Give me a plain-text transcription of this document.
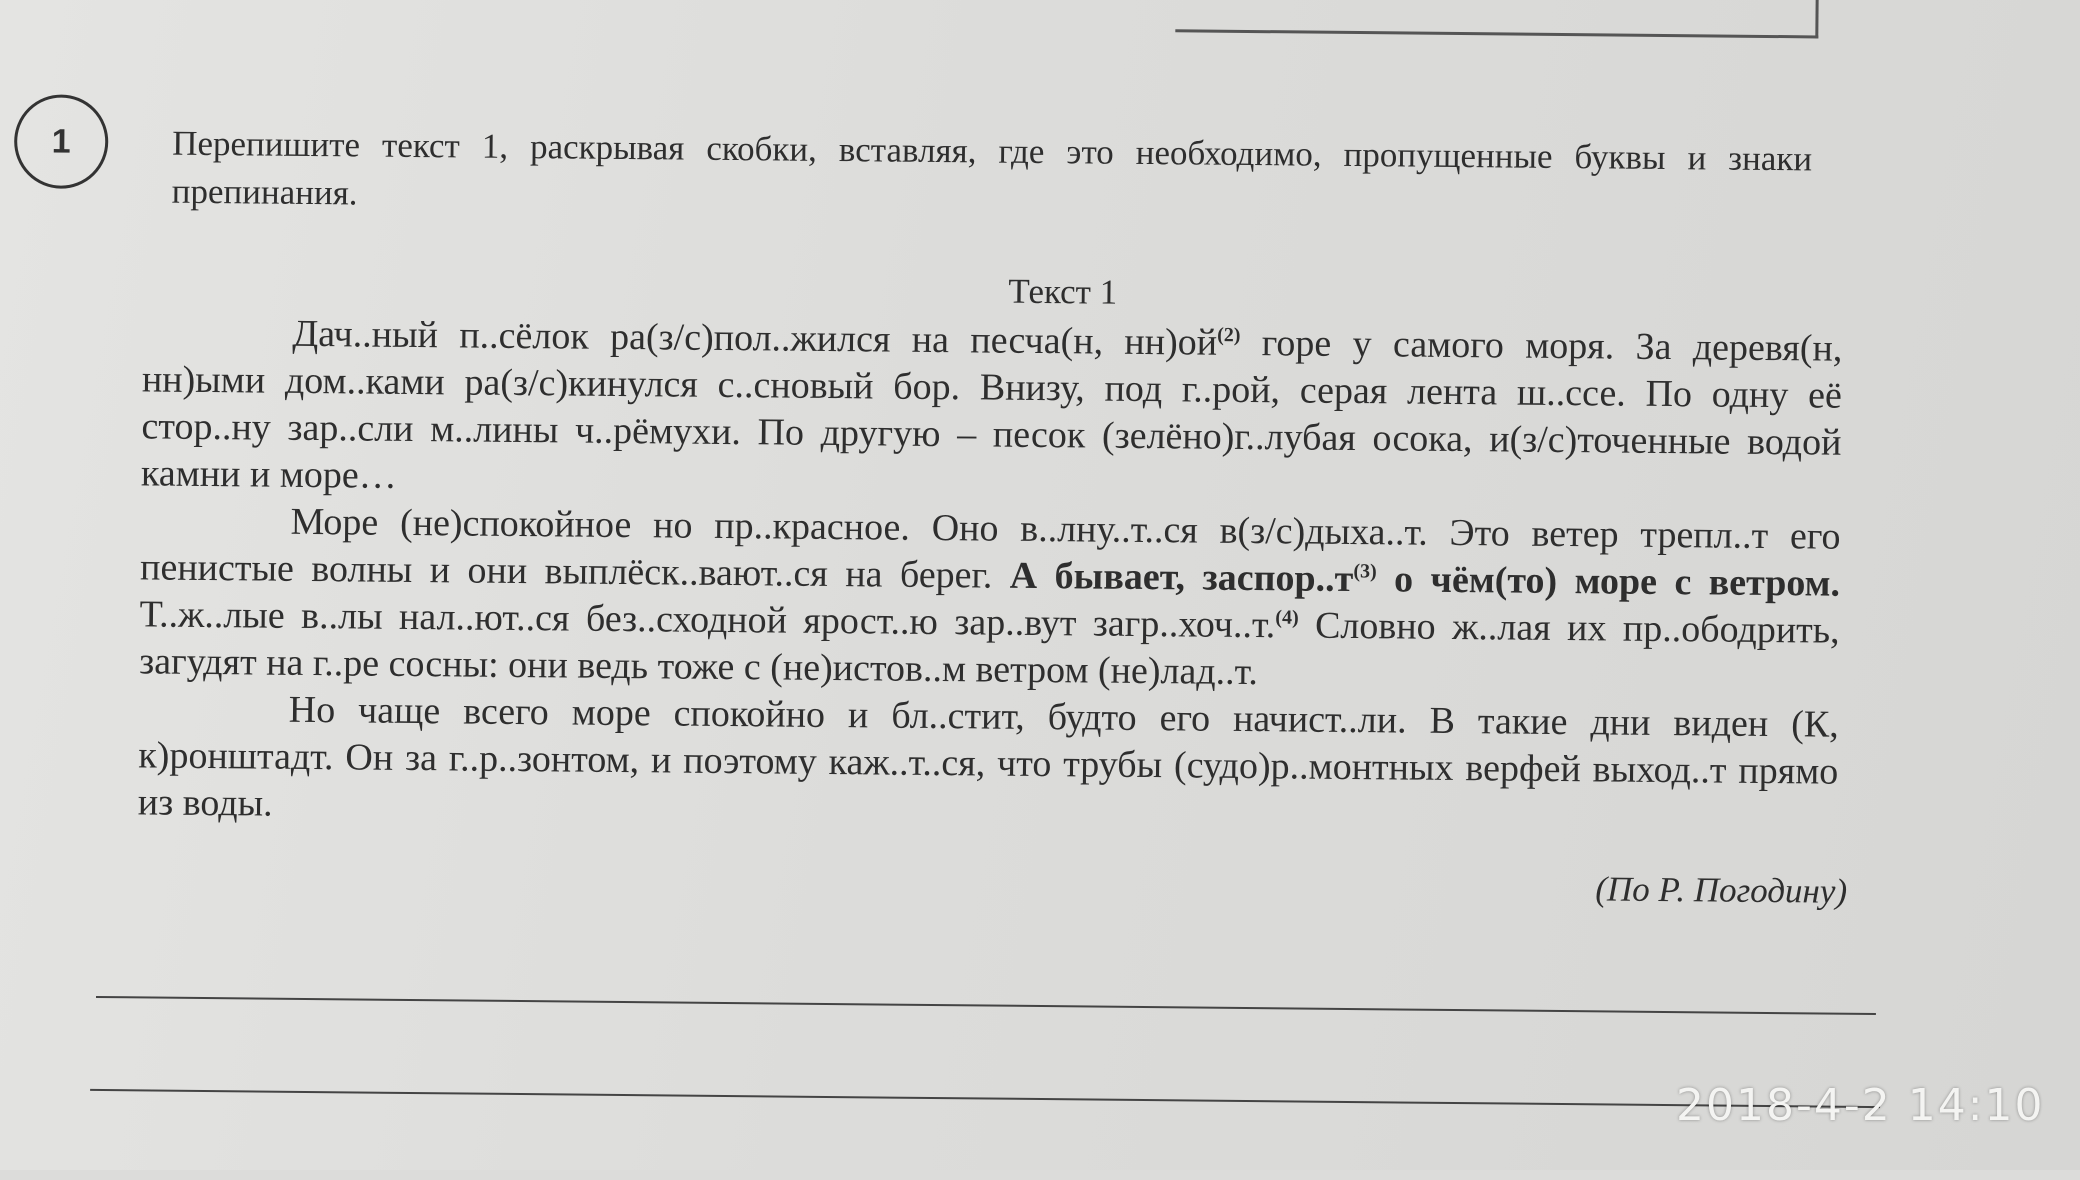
1	Перепишите текст 1, раскрывая скобки, вставляя, где это необходимо, пропущенные буквы и знаки препинания.

Текст 1

Дач..ный п..сёлок ра(з/с)пол..жился на песча(н, $нн)ой^{(2)}$ горе у самого моря. За деревя(н, нн)ыми дом..ками ра(з/с)кинулся с..сновый бор. Внизу, под г..рой, серая лента ш..ссе. По одну её стор..ну зар..сли м..лины ч..рёмухи. По другую – песок (зелёно)г..лубая осока, и(з/с)точенные водой камни и море…

Море (не)спокойное но пр..красное. Оно в..лну..т..ся в(з/с)дыха..т. Это ветер трепл..т его пенистые волны и они выплёск..вают..ся на берег. А бывает, $заспор..т^{(3)}$ о чём(то) море с ветром. Т..ж..лые в..лы нал..ют..ся без..сходной ярост..ю зар..вут загр..хоч..т.$^{(4)}$ Словно ж..лая их пр..ободрить, загудят на г..ре сосны: они ведь тоже с (не)истов..м ветром (не)лад..т.

Но чаще всего море спокойно и бл..стит, будто его начист..ли. В такие дни виден (К, к)ронштадт. Он за г..р..зонтом, и поэтому каж..т..ся, что трубы (судо)р..монтных верфей выход..т прямо из воды.

(По Р. Погодину)

2018-4-2 14:10
